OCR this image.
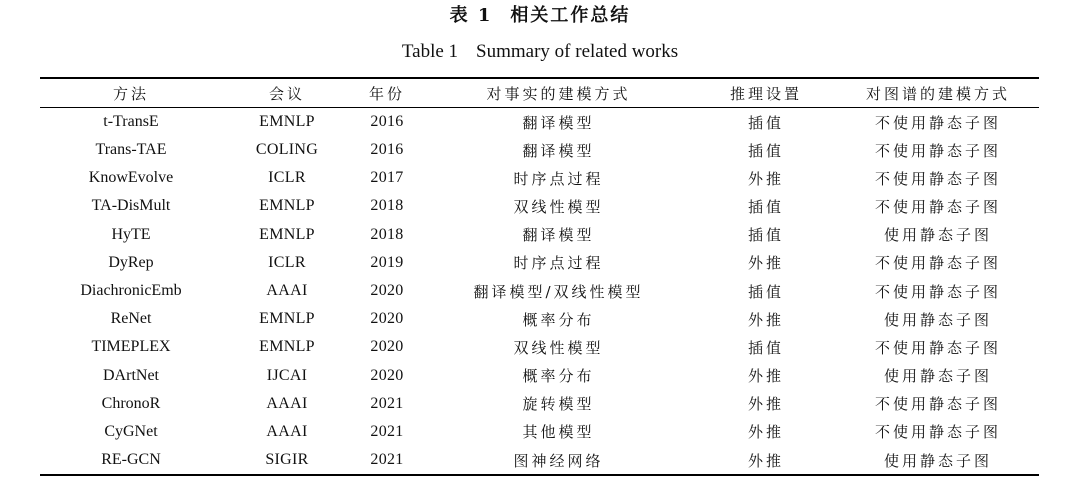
表 1 相关工作总结
Table 1 Summary of related works
方法	会议	年份	对事实的建模方式	推理设置	对图谱的建模方式
t-TransE	EMNLP	2016	翻译模型	插值	不使用静态子图
Trans-TAE	COLING	2016	翻译模型	插值	不使用静态子图
KnowEvolve	ICLR	2017	时序点过程	外推	不使用静态子图
TA-DisMult	EMNLP	2018	双线性模型	插值	不使用静态子图
HyTE	EMNLP	2018	翻译模型	插值	使用静态子图
DyRep	ICLR	2019	时序点过程	外推	不使用静态子图
DiachronicEmb	AAAI	2020	翻译模型/双线性模型	插值	不使用静态子图
ReNet	EMNLP	2020	概率分布	外推	使用静态子图
TIMEPLEX	EMNLP	2020	双线性模型	插值	不使用静态子图
DArtNet	IJCAI	2020	概率分布	外推	使用静态子图
ChronoR	AAAI	2021	旋转模型	外推	不使用静态子图
CyGNet	AAAI	2021	其他模型	外推	不使用静态子图
RE-GCN	SIGIR	2021	图神经网络	外推	使用静态子图
